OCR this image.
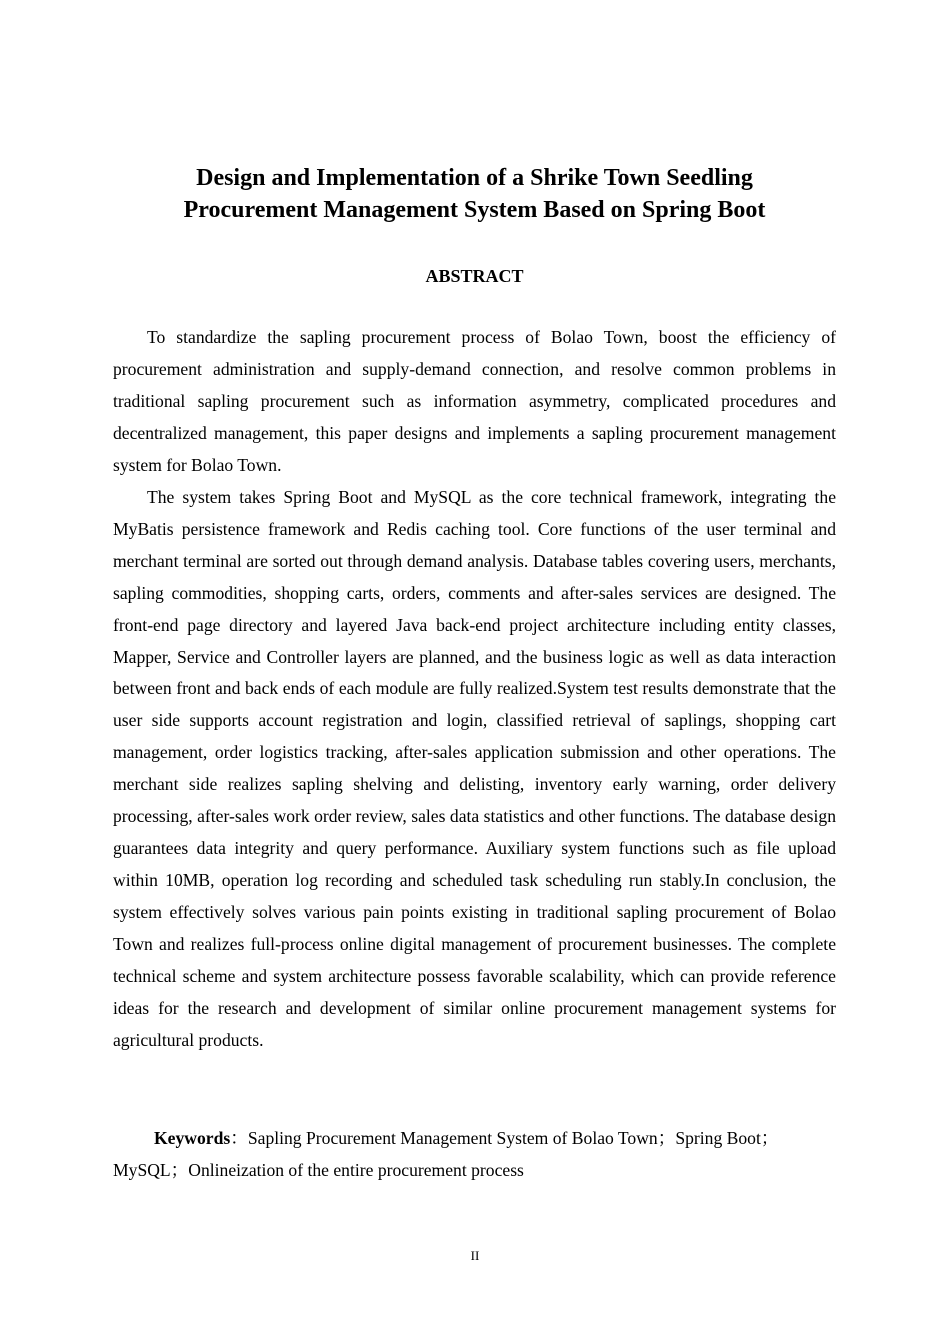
Design and Implementation of a Shrike Town Seedling
Procurement Management System Based on Spring Boot
ABSTRACT

To standardize the sapling procurement process of Bolao Town, boost the efficiency of procurement administration and supply-demand connection, and resolve common problems in traditional sapling procurement such as information asymmetry, complicated procedures and decentralized management, this paper designs and implements a sapling procurement management system for Bolao Town.

The system takes Spring Boot and MySQL as the core technical framework, integrating the MyBatis persistence framework and Redis caching tool. Core functions of the user terminal and merchant terminal are sorted out through demand analysis. Database tables covering users, merchants, sapling commodities, shopping carts, orders, comments and after-sales services are designed. The front-end page directory and layered Java back-end project architecture including entity classes, Mapper, Service and Controller layers are planned, and the business logic as well as data interaction between front and back ends of each module are fully realized.System test results demonstrate that the user side supports account registration and login, classified retrieval of saplings, shopping cart management, order logistics tracking, after-sales application submission and other operations. The merchant side realizes sapling shelving and delisting, inventory early warning, order delivery processing, after-sales work order review, sales data statistics and other functions. The database design guarantees data integrity and query performance. Auxiliary system functions such as file upload within 10MB, operation log recording and scheduled task scheduling run stably.In conclusion, the system effectively solves various pain points existing in traditional sapling procurement of Bolao Town and realizes full-process online digital management of procurement businesses. The complete technical scheme and system architecture possess favorable scalability, which can provide reference ideas for the research and development of similar online procurement management systems for agricultural products.

Keywords：Sapling Procurement Management System of Bolao Town；Spring Boot；MySQL；Onlineization of the entire procurement process

II
